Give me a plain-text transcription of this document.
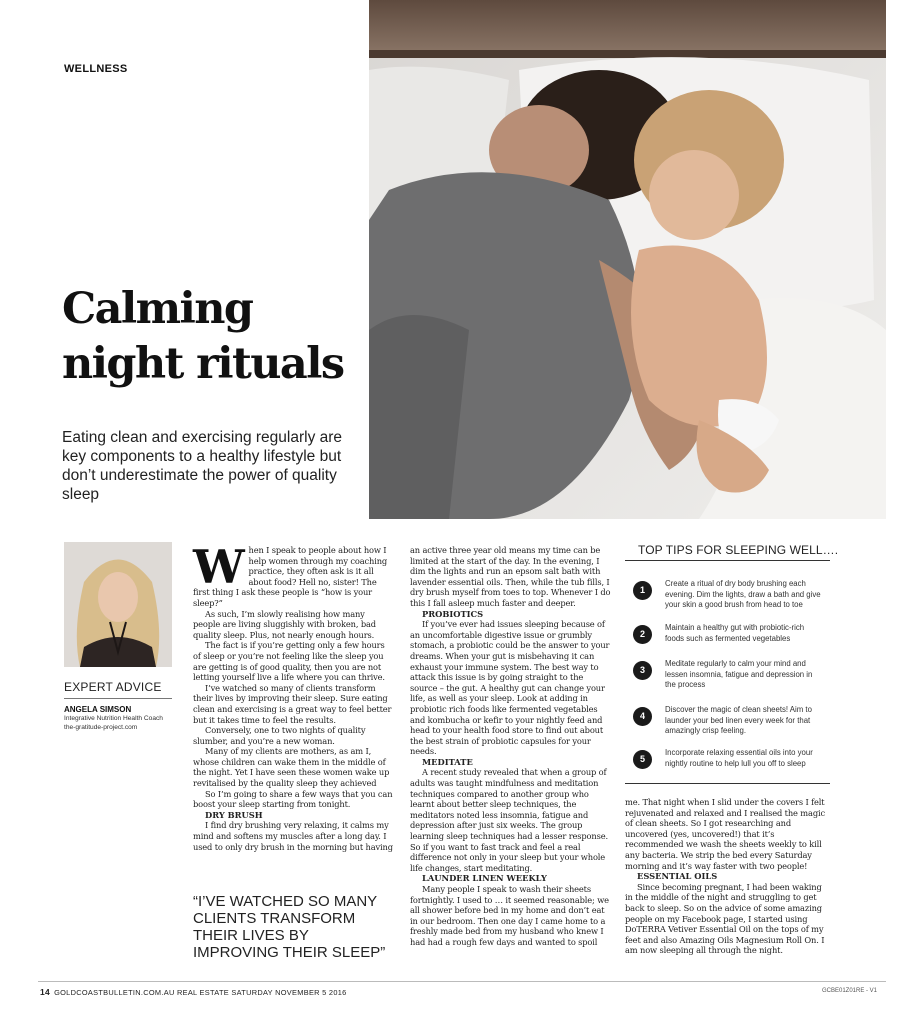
WELLNESS
Calming night rituals
Eating clean and exercising regularly are key components to a healthy lifestyle but don’t underestimate the power of quality sleep
EXPERT ADVICE
ANGELA SIMSON
Integrative Nutrition Health Coach
the-gratitude-project.com
W hen I speak to people about how I help women through my coaching practice, they often ask is it all about food? Hell no, sister! The first thing I ask these people is “how is your sleep?”

As such, I’m slowly realising how many people are living sluggishly with broken, bad quality sleep. Plus, not nearly enough hours.

The fact is if you’re getting only a few hours of sleep or you’re not feeling like the sleep you are getting is of good quality, then you are not letting yourself live a life where you can thrive.

I’ve watched so many of clients transform their lives by improving their sleep. Sure eating clean and exercising is a great way to feel better but it takes time to feel the results.

Conversely, one to two nights of quality slumber, and you’re a new woman.

Many of my clients are mothers, as am I, whose children can wake them in the middle of the night. Yet I have seen these women wake up revitalised by the quality sleep they achieved

So I’m going to share a few ways that you can boost your sleep starting from tonight.

DRY BRUSH

I find dry brushing very relaxing, it calms my mind and softens my muscles after a long day. I used to only dry brush in the morning but having

“I’VE WATCHED SO MANY CLIENTS TRANSFORM THEIR LIVES BY IMPROVING THEIR SLEEP”

an active three year old means my time can be limited at the start of the day. In the evening, I dim the lights and run an epsom salt bath with lavender essential oils. Then, while the tub fills, I dry brush myself from toes to top. Whenever I do this I fall asleep much faster and deeper.

PROBIOTICS

If you’ve ever had issues sleeping because of an uncomfortable digestive issue or grumbly stomach, a probiotic could be the answer to your dreams. When your gut is misbehaving it can exhaust your immune system. The best way to attack this issue is by going straight to the source – the gut. A healthy gut can change your life, as well as your sleep. Look at adding in probiotic rich foods like fermented vegetables and kombucha or kefir to your nightly feed and head to your health food store to find out about the best strain of probiotic capsules for your needs.

MEDITATE

A recent study revealed that when a group of adults was taught mindfulness and meditation techniques compared to another group who learnt about better sleep techniques, the meditators noted less insomnia, fatigue and depression after just six weeks. The group learning sleep techniques had a lesser response. So if you want to fast track and feel a real difference not only in your sleep but your whole life changes, start meditating.

LAUNDER LINEN WEEKLY

Many people I speak to wash their sheets fortnightly. I used to … it seemed reasonable; we all shower before bed in my home and don’t eat in our bedroom. Then one day I came home to a freshly made bed from my husband who knew I had had a rough few days and wanted to spoil

TOP TIPS FOR SLEEPING WELL….
1
Create a ritual of dry body brushing each evening. Dim the lights, draw a bath and give your skin a good brush from head to toe
2
Maintain a healthy gut with probiotic-rich foods such as fermented vegetables
3
Meditate regularly to calm your mind and lessen insomnia, fatigue and depression in the process
4
Discover the magic of clean sheets! Aim to launder your bed linen every week for that amazingly crisp feeling.
5
Incorporate relaxing essential oils into your nightly routine to help lull you off to sleep

me. That night when I slid under the covers I felt rejuvenated and relaxed and I realised the magic of clean sheets. So I got researching and uncovered (yes, uncovered!) that it’s recommended we wash the sheets weekly to kill any bacteria. We strip the bed every Saturday morning and it’s way faster with two people!

ESSENTIAL OILS

Since becoming pregnant, I had been waking in the middle of the night and struggling to get back to sleep. So on the advice of some amazing people on my Facebook page, I started using DoTERRA Vetiver Essential Oil on the tops of my feet and also Amazing Oils Magnesium Roll On. I am now sleeping all through the night.

14 GOLDCOASTBULLETIN.COM.AU REAL ESTATE SATURDAY NOVEMBER 5 2016	GCBE01Z01RE - V1
